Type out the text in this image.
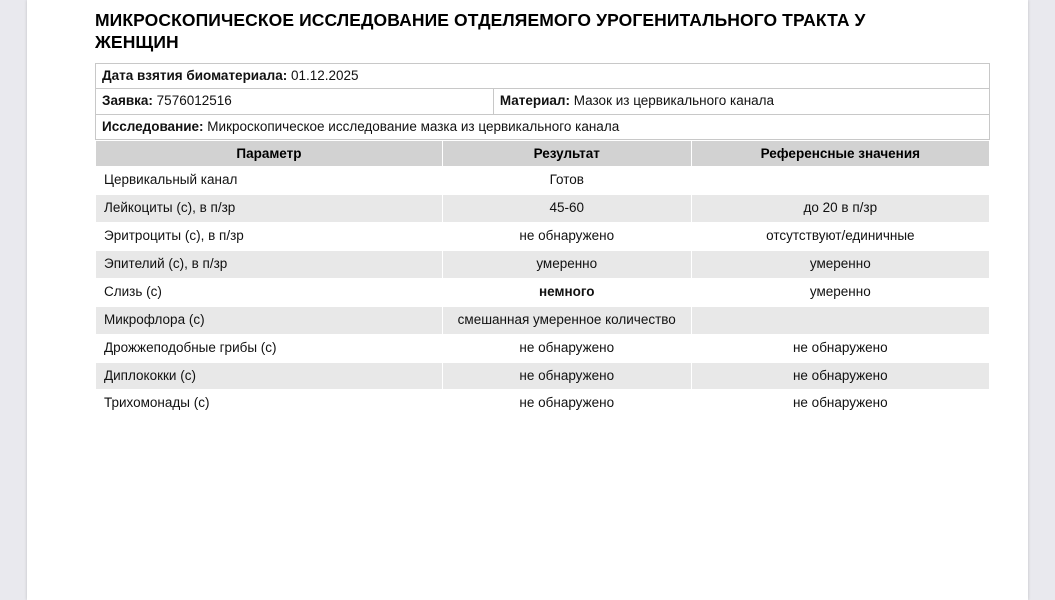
МИКРОСКОПИЧЕСКОЕ ИССЛЕДОВАНИЕ ОТДЕЛЯЕМОГО УРОГЕНИТАЛЬНОГО ТРАКТА У ЖЕНЩИН
Дата взятия биоматериала: 01.12.2025
Заявка: 7576012516	Материал: Мазок из цервикального канала
Исследование: Микроскопическое исследование мазка из цервикального канала
Параметр	Результат	Референсные значения
Цервикальный канал	Готов	
Лейкоциты (с), в п/зр	45-60	до 20 в п/зр
Эритроциты (с), в п/зр	не обнаружено	отсутствуют/единичные
Эпителий (с), в п/зр	умеренно	умеренно
Слизь (с)	немного	умеренно
Микрофлора (с)	смешанная умеренное количество	
Дрожжеподобные грибы (с)	не обнаружено	не обнаружено
Диплококки (с)	не обнаружено	не обнаружено
Трихомонады (с)	не обнаружено	не обнаружено
